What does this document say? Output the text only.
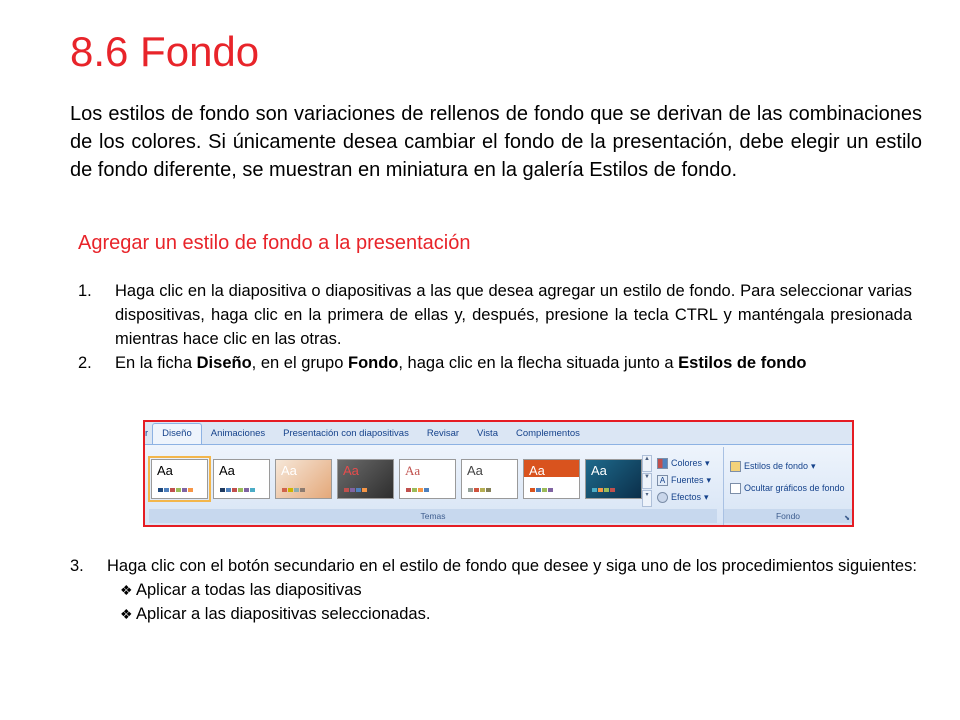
8.6 Fondo
Los estilos de fondo son variaciones de rellenos de fondo que se derivan de las combinaciones de los colores. Si únicamente desea cambiar el fondo de la presentación, debe elegir un estilo de fondo diferente, se muestran en miniatura en la galería Estilos de fondo.
Agregar un estilo de fondo a la presentación
1.	Haga clic en la diapositiva o diapositivas a las que desea agregar un estilo de fondo. Para seleccionar varias dispositivas, haga clic en la primera de ellas y, después, presione la tecla CTRL y manténgala presionada mientras hace clic en las otras.
2.	En la ficha Diseño, en el grupo Fondo, haga clic en la flecha situada junto a Estilos de fondo
r	Diseño	Animaciones	Presentación con diapositivas	Revisar	Vista	Complementos
Aa	Aa	Aa	Aa	Aa	Aa	Aa	Aa
▲
▼
▾
Colores ▾
A Fuentes ▾
Efectos ▾
Temas
Estilos de fondo ▾
Ocultar gráficos de fondo
Fondo	⬊
3.	Haga clic con el botón secundario en el estilo de fondo que desee y siga uno de los procedimientos siguientes:
❖ Aplicar a todas las diapositivas
❖ Aplicar a las diapositivas seleccionadas.
